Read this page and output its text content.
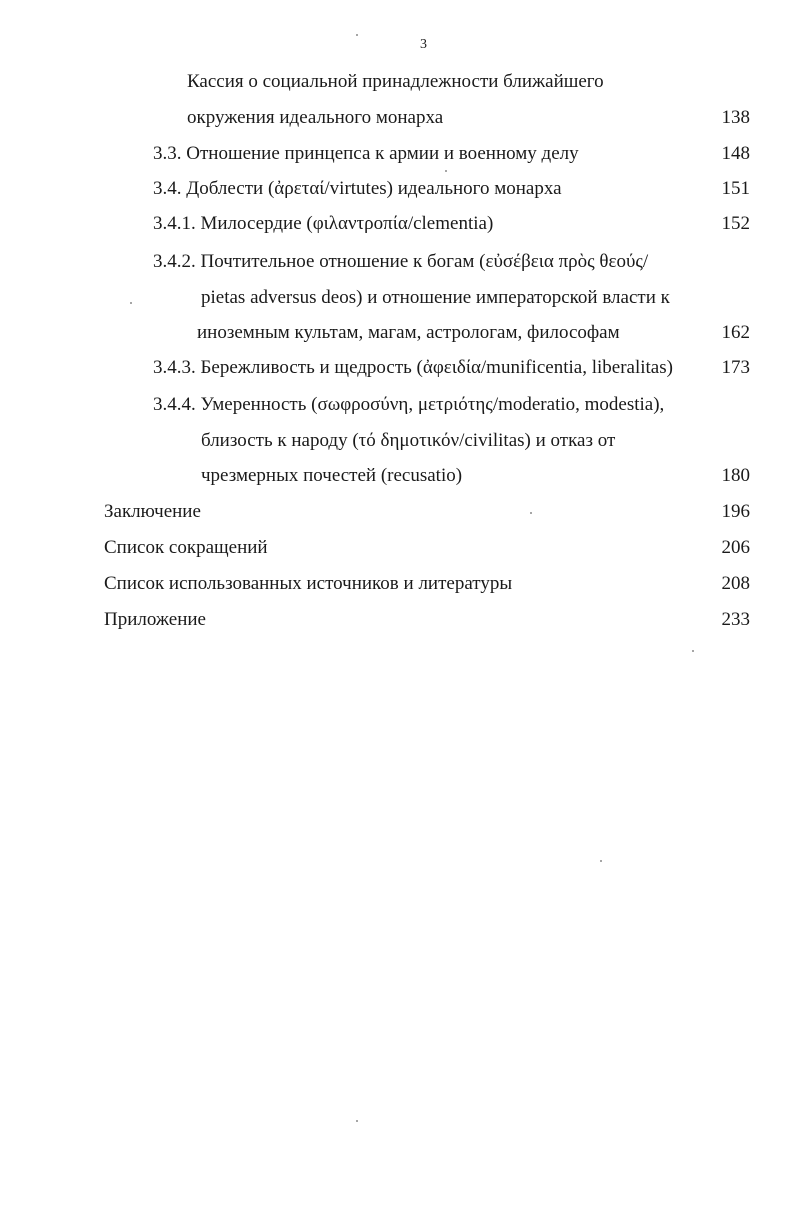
3
Кассия о социальной принадлежности ближайшего
окружения идеального монарха	138
3.3. Отношение принцепса к армии и военному делу	148
3.4. Доблести (ἀρεταί/virtutes) идеального монарха	151
3.4.1. Милосердие (φιλαντρoπία/clementia)	152
3.4.2. Почтительное отношение к богам (εὐσέβεια πρὸς θεούς/
pietas adversus deos) и отношение императорской власти к
иноземным культам, магам, астрологам, философам	162
3.4.3. Бережливость и щедрость (ἀφειδία/munificentia, liberalitas)	173
3.4.4. Умеренность (σωφροσύνη, μετριότης/moderatio, modestia),
близость к народу (τό δημοτικόν/civilitas) и отказ от
чрезмерных почестей (recusatio)	180
Заключение	196
Список сокращений	206
Список использованных источников и литературы	208
Приложение	233
